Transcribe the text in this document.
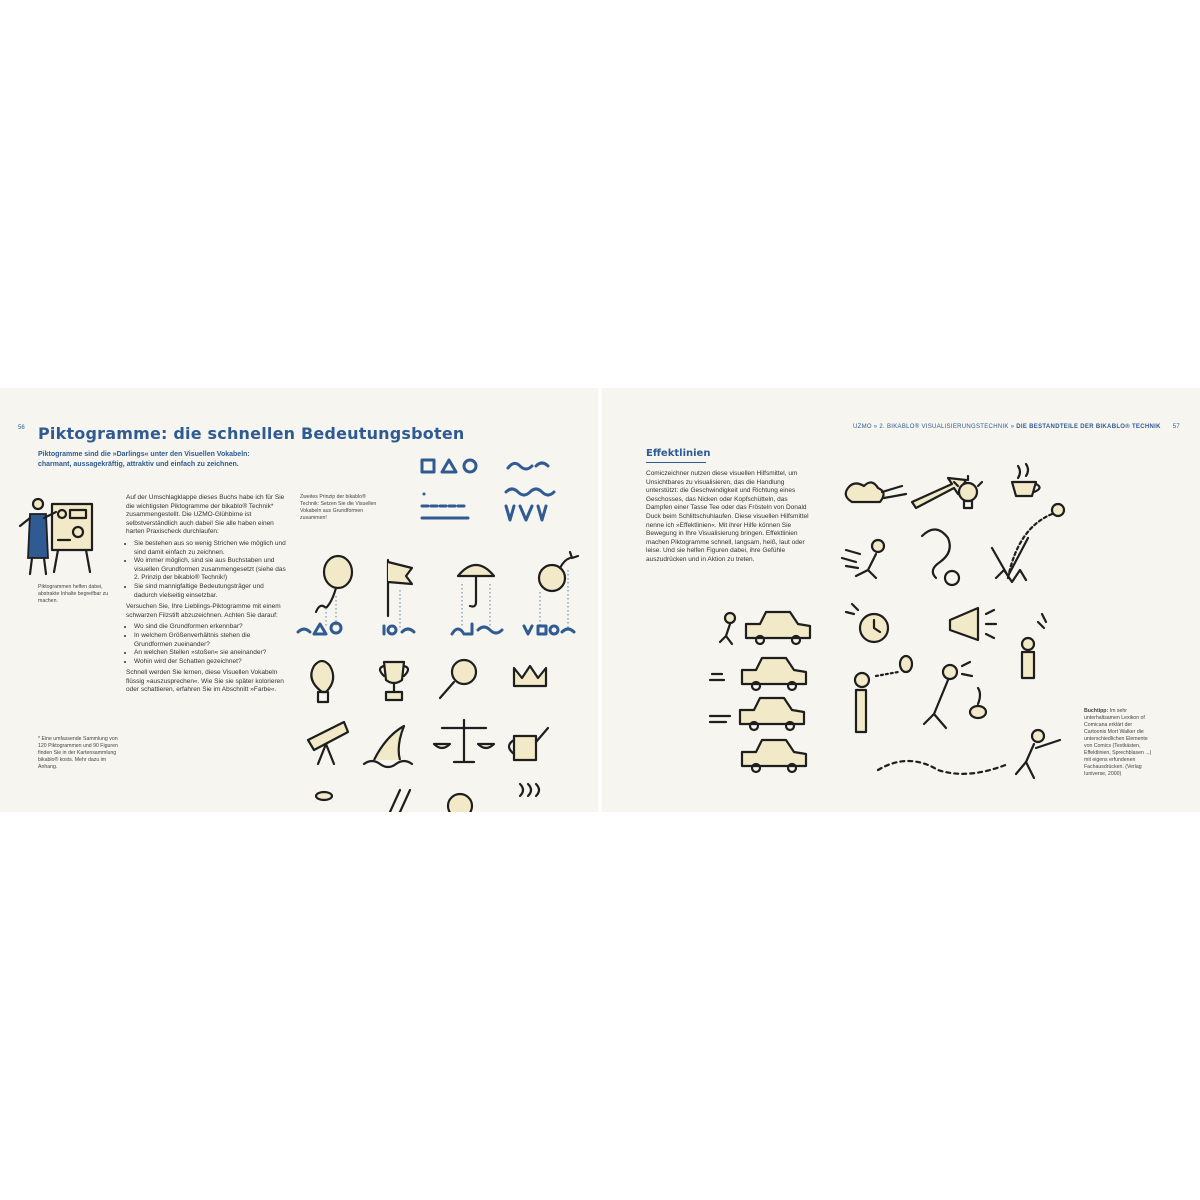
56 Piktogramme: die schnellen Bedeutungsboten
Piktogramme sind die »Darlings« unter den Visuellen Vokabeln: charmant, aussagekräftig, attraktiv und einfach zu zeichnen.
Piktogrammen helfen dabei, abstrakte Inhalte begreifbar zu machen.
* Eine umfassende Sammlung von 120 Piktogrammen und 90 Figuren finden Sie in der Kartensammlung bikablo® kosts. Mehr dazu im Anhang.

Auf der Umschlagklappe dieses Buchs habe ich für Sie die wichtigsten Piktogramme der bikablo® Technik* zusammengestellt. Die UZMO-Glühbirne ist selbstverständlich auch dabei! Sie alle haben einen harten Praxischeck durchlaufen:

• Sie bestehen aus so wenig Strichen wie möglich und sind damit einfach zu zeichnen.
• Wo immer möglich, sind sie aus Buchstaben und visuellen Grundformen zusammengesetzt (siehe das 2. Prinzip der bikablo® Technik!)
• Sie sind mannigfaltige Bedeutungsträger und dadurch vielseitig einsetzbar.

Versuchen Sie, Ihre Lieblings-Piktogramme mit einem schwarzen Filzstift abzuzeichnen. Achten Sie darauf:

• Wo sind die Grundformen erkennbar?
• In welchem Größenverhältnis stehen die Grundformen zueinander?
• An welchen Stellen »stoßen« sie aneinander?
• Wohin wird der Schatten gezeichnet?

Schnell werden Sie lernen, diese Visuellen Vokabeln flüssig »auszusprechen«. Wie Sie sie später kolorieren oder schattieren, erfahren Sie im Abschnitt »Farbe«.

Zweites Prinzip der bikablo® Technik: Setzen Sie die Visuellen Vokabeln aus Grundformen zusammen!
UZMO » 2. BIKABLO® VISUALISIERUNGSTECHNIK » DIE BESTANDTEILE DER BIKABLO® TECHNIK 57
Effektlinien
Comiczeichner nutzen diese visuellen Hilfsmittel, um Unsichtbares zu visualisieren, das die Handlung unterstützt: die Geschwindigkeit und Richtung eines Geschosses, das Nicken oder Kopfschütteln, das Dampfen einer Tasse Tee oder das Frösteln von Donald Duck beim Schlittschuhlaufen. Diese visuellen Hilfsmittel nenne ich »Effektlinien«. Mit ihrer Hilfe können Sie Bewegung in Ihre Visualisierung bringen. Effektlinien machen Piktogramme schnell, langsam, heiß, laut oder leise. Und sie helfen Figuren dabei, ihre Gefühle auszudrücken und in Aktion zu treten.
Buchtipp: Im sehr unterhaltsamen Lexikon of Comicana erklärt der Cartoonis Mort Walker die unterschiedlichen Elemente von Comics (Textkästen, Effektlinien, Sprechblasen ...) mit eigens erfundenen Fachausdrücken. (Verlag Iuniverse, 2000)
